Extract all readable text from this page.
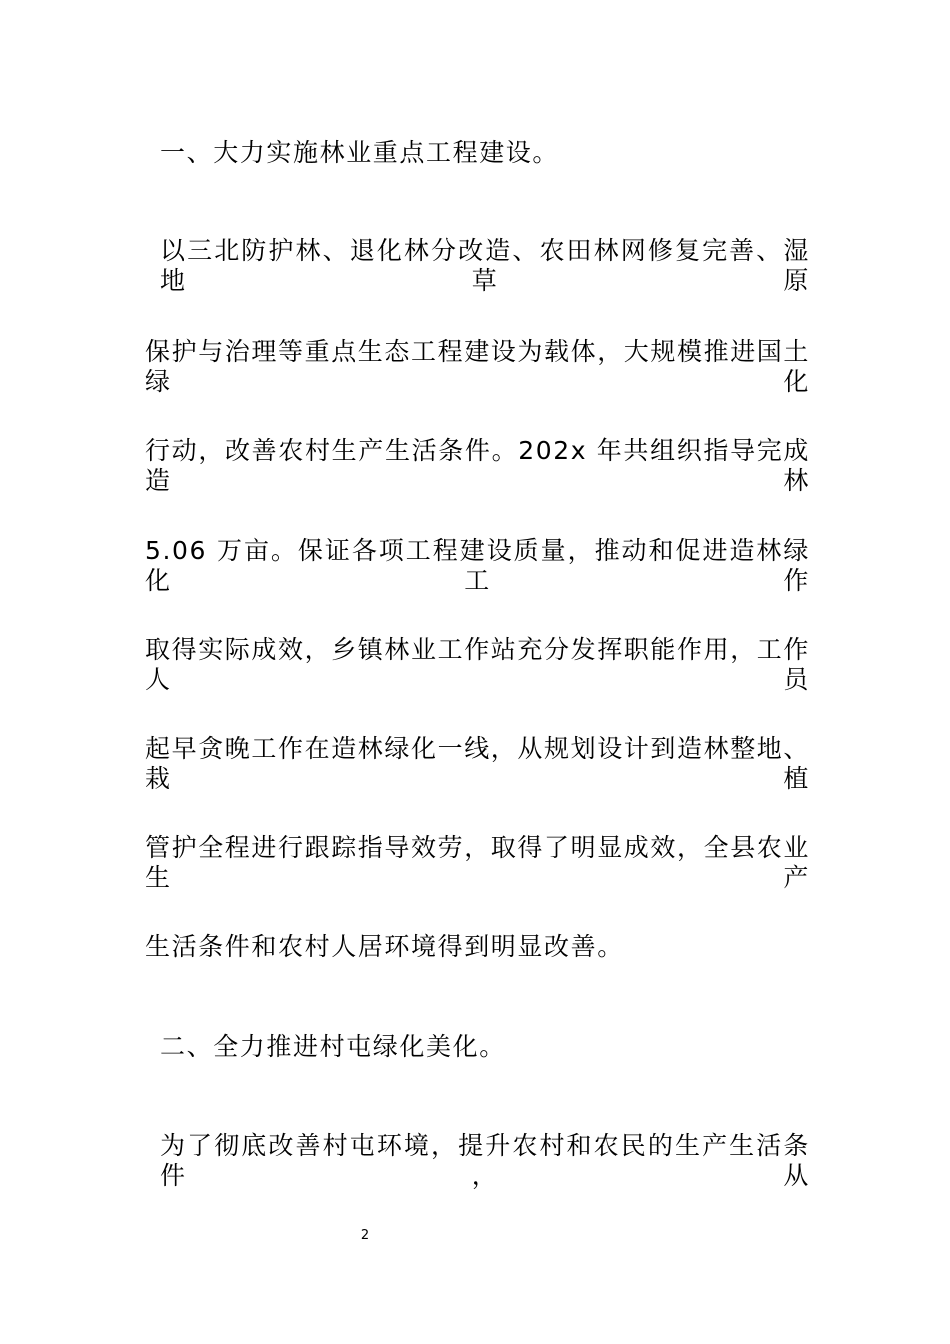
一、大力实施林业重点工程建设。
以三北防护林、退化林分改造、农田林网修复完善、湿地草原
保护与治理等重点生态工程建设为载体，大规模推进国土绿化
行动，改善农村生产生活条件。202x 年共组织指导完成造林
5.06 万亩。保证各项工程建设质量，推动和促进造林绿化工作
取得实际成效，乡镇林业工作站充分发挥职能作用，工作人员
起早贪晚工作在造林绿化一线，从规划设计到造林整地、栽植
管护全程进行跟踪指导效劳，取得了明显成效，全县农业生产
生活条件和农村人居环境得到明显改善。
二、全力推进村屯绿化美化。
为了彻底改善村屯环境，提升农村和农民的生产生活条件，从
2
